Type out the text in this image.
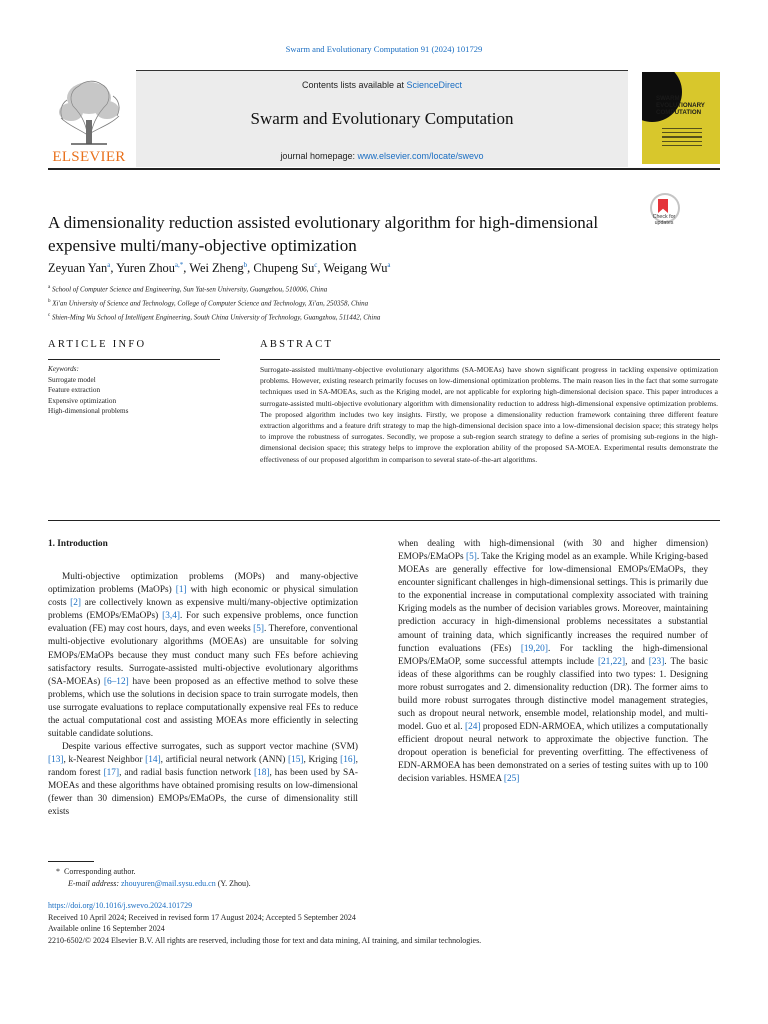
Swarm and Evolutionary Computation 91 (2024) 101729
ELSEVIER
Contents lists available at ScienceDirect
Swarm and Evolutionary Computation
journal homepage: www.elsevier.com/locate/swevo
SWARM
EVOLUTIONARY
COMPUTATION
Check for
updates
A dimensionality reduction assisted evolutionary algorithm for high-dimensional expensive multi/many-objective optimization
Zeyuan Yan$^a$, Yuren Zhou$^{a,*}$, Wei Zheng$^b$, Chupeng Su$^c$, Weigang Wu$^a$
$^a$ School of Computer Science and Engineering, Sun Yat-sen University, Guangzhou, 510006, China
$^b$ Xi'an University of Science and Technology, College of Computer Science and Technology, Xi'an, 250358, China
$^c$ Shien-Ming Wu School of Intelligent Engineering, South China University of Technology, Guangzhou, 511442, China
ARTICLE INFO	ABSTRACT
Keywords:
Surrogate model
Feature extraction
Expensive optimization
High-dimensional problems
Surrogate-assisted multi/many-objective evolutionary algorithms (SA-MOEAs) have shown significant progress in tackling expensive optimization problems. However, existing research primarily focuses on low-dimensional optimization problems. The main reason lies in the fact that some surrogate techniques used in SA-MOEAs, such as the Kriging model, are not applicable for exploring high-dimensional decision space. This paper introduces a surrogate-assisted multi-objective evolutionary algorithm with dimensionality reduction to address high-dimensional expensive optimization problems. The proposed algorithm includes two key insights. Firstly, we propose a dimensionality reduction framework containing three different feature extraction algorithms and a feature drift strategy to map the high-dimensional decision space into a low-dimensional decision space; this strategy helps to improve the robustness of surrogates. Secondly, we propose a sub-region search strategy to define a series of promising sub-regions in the high-dimensional decision space; this strategy helps to improve the exploration ability of the proposed SA-MOEA. Experimental results demonstrate the effectiveness of our proposed algorithm in comparison to several state-of-the-art algorithms.

1. Introduction

Multi-objective optimization problems (MOPs) and many-objective optimization problems (MaOPs) [1] with high economic or physical simulation costs [2] are collectively known as expensive multi/many-objective optimization problems (EMOPs/EMaOPs) [3,4]. For such expensive problems, once function evaluation (FE) may cost hours, days, and even weeks [5]. Therefore, conventional multi-objective evolutionary algorithms (MOEAs) are unsuitable for solving EMOPs/EMaOPs because they must conduct many such FEs before achieving satisfactory results. Surrogate-assisted multi-objective evolutionary algorithms (SA-MOEAs) [6–12] have been proposed as an effective method to solve these problems, which use the solutions in decision space to train surrogate models, then use surrogate evaluations to replace computationally expensive real FEs to reduce the actual computational cost and assisting MOEAs more efficiently in selecting suitable candidate solutions.

Despite various effective surrogates, such as support vector machine (SVM) [13], k-Nearest Neighbor [14], artificial neural network (ANN) [15], Kriging [16], random forest [17], and radial basis function network [18], has been used by SA-MOEAs and these algorithms have obtained promising results on low-dimensional (fewer than 30 dimension) EMOPs/EMaOPs, the curse of dimensionality still exists

when dealing with high-dimensional (with 30 and higher dimension) EMOPs/EMaOPs [5]. Take the Kriging model as an example. While Kriging-based MOEAs are generally effective for low-dimensional EMOPs/EMaOPs, they encounter significant challenges in high-dimensional settings. This is primarily due to the exponential increase in computational complexity associated with training Kriging models as the number of decision variables grows. Moreover, maintaining prediction accuracy in high-dimensional problems necessitates a substantial amount of training data, which significantly increases the required number of function evaluations (FEs) [19,20]. For tackling the high-dimensional EMOPs/EMaOP, some successful attempts include [21,22], and [23]. The basic ideas of these algorithms can be roughly classified into two types: 1. Designing more robust surrogates and 2. dimensionality reduction (DR). The former aims to build more robust surrogates through distinctive model management strategies, such as dropout neural network, ensemble model, relationship model, and multi-model. Guo et al. [24] proposed EDN-ARMOEA, which utilizes a computationally efficient dropout neural network to approximate the objective function. The dropout operation is beneficial for preventing overfitting. The effectiveness of EDN-ARMOEA has been demonstrated on a series of testing suites with up to 100 decision variables. HSMEA [25]

*  Corresponding author.
E-mail address: zhouyuren@mail.sysu.edu.cn (Y. Zhou).
https://doi.org/10.1016/j.swevo.2024.101729
Received 10 April 2024; Received in revised form 17 August 2024; Accepted 5 September 2024
Available online 16 September 2024
2210-6502/© 2024 Elsevier B.V. All rights are reserved, including those for text and data mining, AI training, and similar technologies.
